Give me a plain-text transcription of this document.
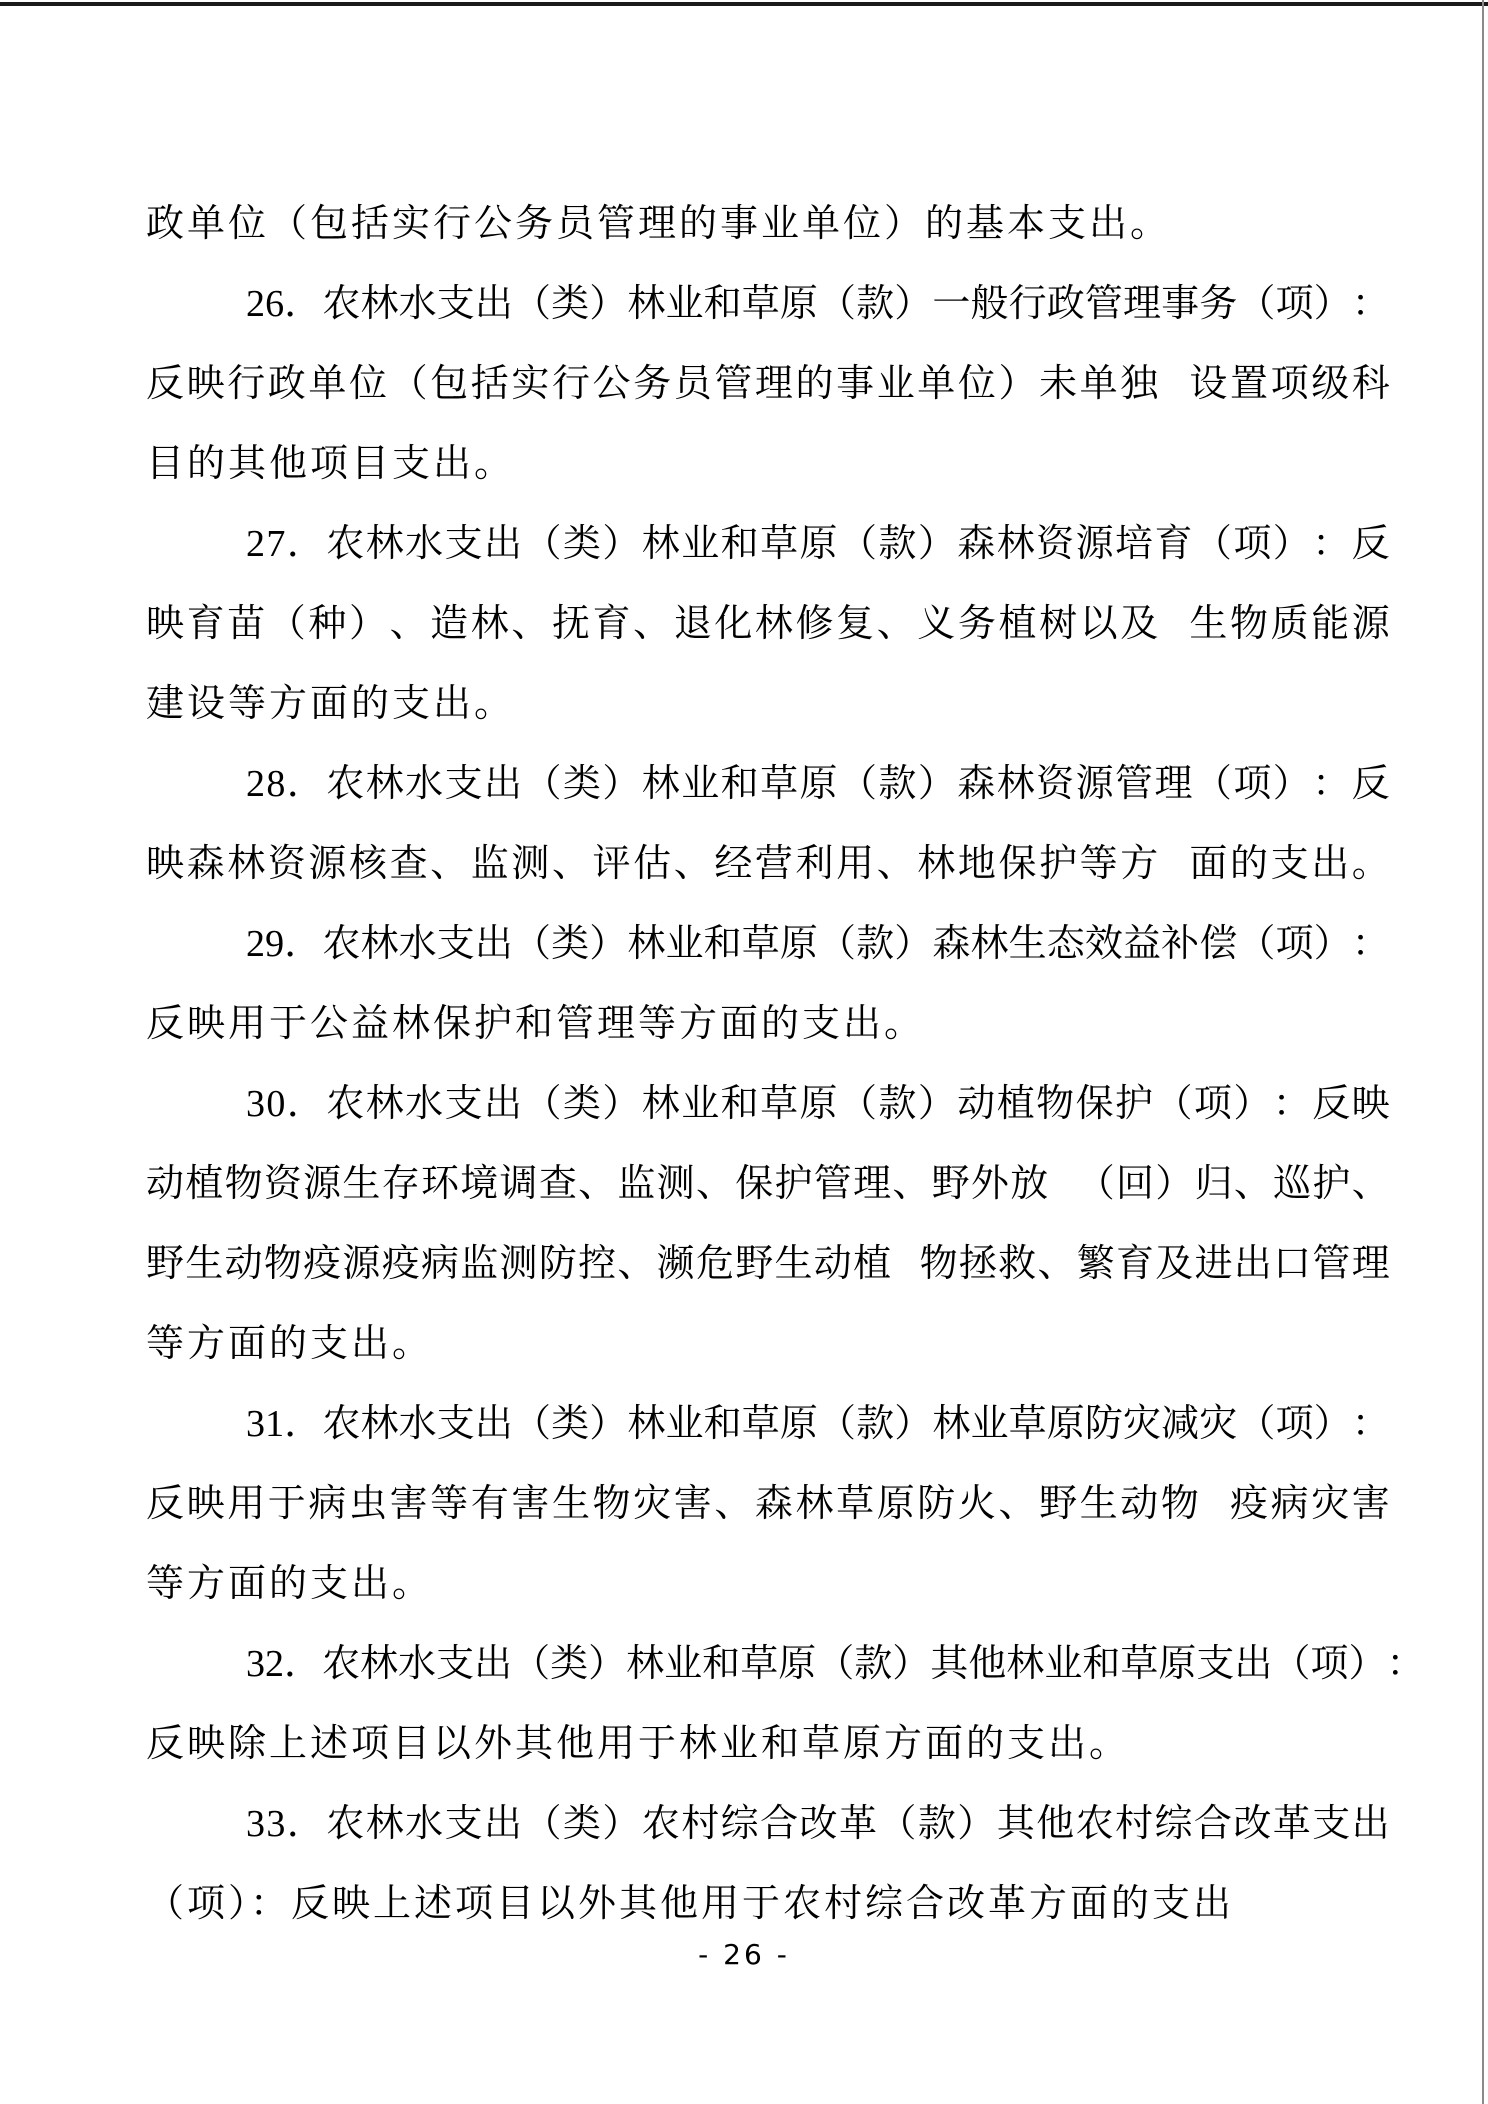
政单位（包括实行公务员管理的事业单位）的基本支出。
2 6 ． 农 林 水 支 出 （ 类 ） 林 业 和 草 原 （ 款 ） 一 般 行 政 管 理 事 务 （ 项 ） ：
反 映 行 政 单 位 （ 包 括 实 行 公 务 员 管 理 的 事 业 单 位 ） 未 单 独 设 置 项 级 科
目的其他项目支出。
2 7 ． 农 林 水 支 出 （ 类 ） 林 业 和 草 原 （ 款 ） 森 林 资 源 培 育 （ 项 ） ： 反
映 育 苗 （ 种 ） 、 造 林 、 抚 育 、 退 化 林 修 复 、 义 务 植 树 以 及 生 物 质 能 源
建设等方面的支出。
2 8 ． 农 林 水 支 出 （ 类 ） 林 业 和 草 原 （ 款 ） 森 林 资 源 管 理 （ 项 ） ： 反
映 森 林 资 源 核 查 、 监 测 、 评 估 、 经 营 利 用 、 林 地 保 护 等 方 面 的 支 出 。
2 9 ． 农 林 水 支 出 （ 类 ） 林 业 和 草 原 （ 款 ） 森 林 生 态 效 益 补 偿 （ 项 ） ：
反映用于公益林保护和管理等方面的支出。
3 0 ． 农 林 水 支 出 （ 类 ） 林 业 和 草 原 （ 款 ） 动 植 物 保 护 （ 项 ） ： 反 映
动 植 物 资 源 生 存 环 境 调 查 、 监 测 、 保 护 管 理 、 野 外 放 （ 回 ） 归 、 巡 护 、
野 生 动 物 疫 源 疫 病 监 测 防 控 、 濒 危 野 生 动 植 物 拯 救 、 繁 育 及 进 出 口 管 理
等方面的支出。
3 1 ． 农 林 水 支 出 （ 类 ） 林 业 和 草 原 （ 款 ） 林 业 草 原 防 灾 减 灾 （ 项 ） ：
反 映 用 于 病 虫 害 等 有 害 生 物 灾 害 、 森 林 草 原 防 火 、 野 生 动 物 疫 病 灾 害
等方面的支出。
3 2 ． 农 林 水 支 出 （ 类 ） 林 业 和 草 原 （ 款 ） 其 他 林 业 和 草 原 支 出 （ 项 ） ：
反映除上述项目以外其他用于林业和草原方面的支出。
3 3 ． 农 林 水 支 出 （ 类 ） 农 村 综 合 改 革 （ 款 ） 其 他 农 村 综 合 改 革 支 出
（项）：反映上述项目以外其他用于农村综合改革方面的支出
- 26 -
